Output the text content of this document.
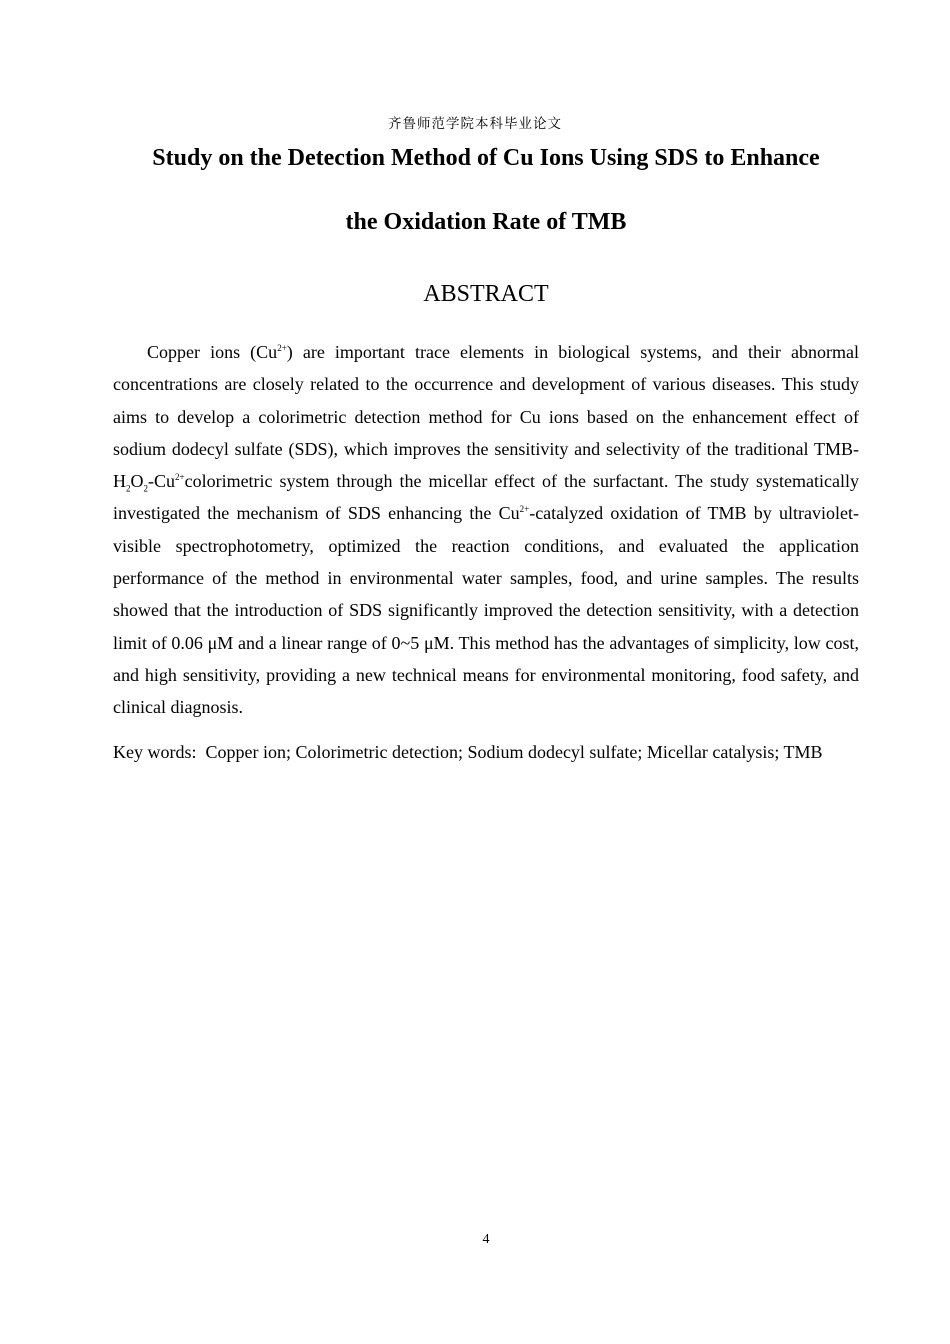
齐鲁师范学院本科毕业论文
Study on the Detection Method of Cu Ions Using SDS to Enhance
the Oxidation Rate of TMB
ABSTRACT

Copper ions $(Cu^{2+})$ are important trace elements in biological systems, and their abnormal concentrations are closely related to the occurrence and development of various diseases. This study aims to develop a colorimetric detection method for Cu ions based on the enhancement effect of sodium dodecyl sulfate (SDS), which improves the sensitivity and selectivity of the traditional TMB-$H_2O_2-Cu^{2+}colorimetric$ system through the micellar effect of the surfactant. The study systematically investigated the mechanism of SDS enhancing the $Cu^{2+}$-catalyzed oxidation of TMB by ultraviolet-visible spectrophotometry, optimized the reaction conditions, and evaluated the application performance of the method in environmental water samples, food, and urine samples. The results showed that the introduction of SDS significantly improved the detection sensitivity, with a detection limit of 0.06 μM and a linear range of 0~5 μM. This method has the advantages of simplicity, low cost, and high sensitivity, providing a new technical means for environmental monitoring, food safety, and clinical diagnosis.

Key words: Copper ion; Colorimetric detection; Sodium dodecyl sulfate; Micellar catalysis; TMB

4
